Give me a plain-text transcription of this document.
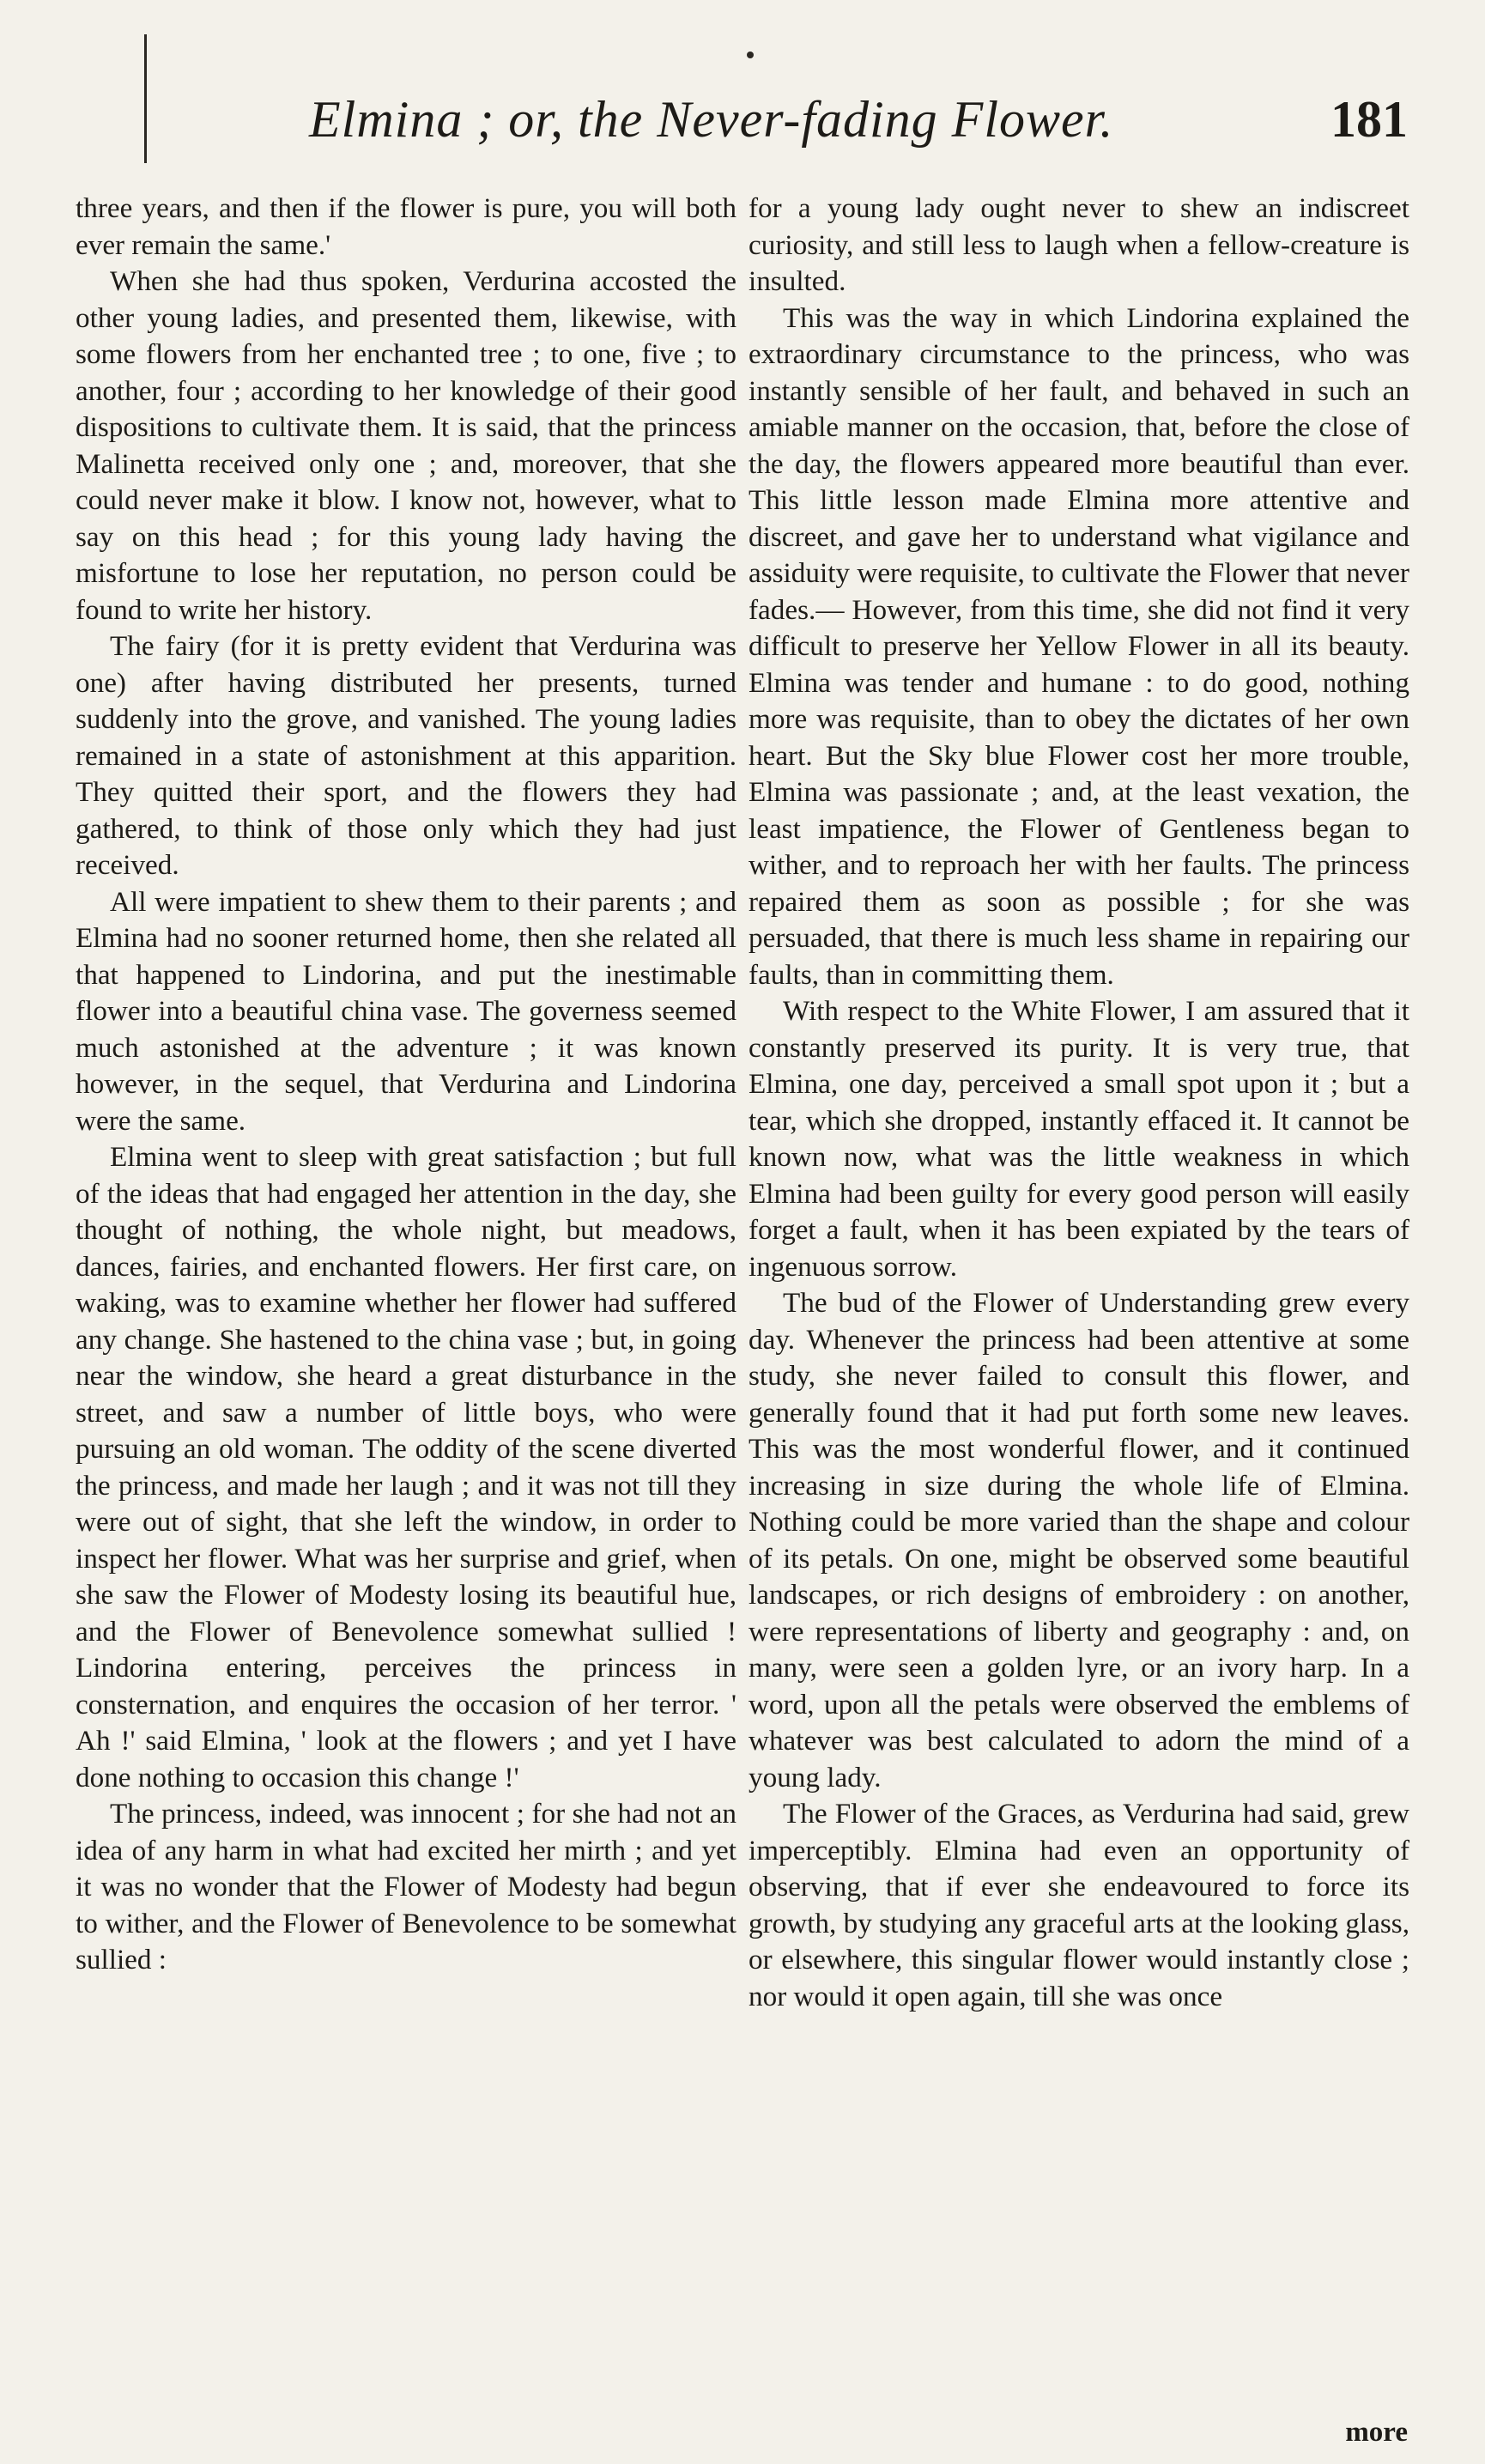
Elmina ; or, the Never-fading Flower.	181

three years, and then if the flower is pure, you will both ever remain the same.'

When she had thus spoken, Verdurina accosted the other young ladies, and presented them, likewise, with some flowers from her enchanted tree ; to one, five ; to another, four ; according to her knowledge of their good dispositions to cultivate them. It is said, that the princess Malinetta received only one ; and, moreover, that she could never make it blow. I know not, however, what to say on this head ; for this young lady having the misfortune to lose her reputation, no person could be found to write her history.

The fairy (for it is pretty evident that Verdurina was one) after having distributed her presents, turned suddenly into the grove, and vanished. The young ladies remained in a state of astonishment at this apparition. They quitted their sport, and the flowers they had gathered, to think of those only which they had just received.

All were impatient to shew them to their parents ; and Elmina had no sooner returned home, then she related all that happened to Lindorina, and put the inestimable flower into a beautiful china vase. The governess seemed much astonished at the adventure ; it was known however, in the sequel, that Verdurina and Lindorina were the same.

Elmina went to sleep with great satisfaction ; but full of the ideas that had engaged her attention in the day, she thought of nothing, the whole night, but meadows, dances, fairies, and enchanted flowers. Her first care, on waking, was to examine whether her flower had suffered any change. She hastened to the china vase ; but, in going near the window, she heard a great disturbance in the street, and saw a number of little boys, who were pursuing an old woman. The oddity of the scene diverted the princess, and made her laugh ; and it was not till they were out of sight, that she left the window, in order to inspect her flower. What was her surprise and grief, when she saw the Flower of Modesty losing its beautiful hue, and the Flower of Benevolence somewhat sullied ! Lindorina entering, perceives the princess in consternation, and enquires the occasion of her terror. ' Ah !' said Elmina, ' look at the flowers ; and yet I have done nothing to occasion this change !'

The princess, indeed, was innocent ; for she had not an idea of any harm in what had excited her mirth ; and yet it was no wonder that the Flower of Modesty had begun to wither, and the Flower of Benevolence to be somewhat sullied :

for a young lady ought never to shew an indiscreet curiosity, and still less to laugh when a fellow-creature is insulted.

This was the way in which Lindorina explained the extraordinary circumstance to the princess, who was instantly sensible of her fault, and behaved in such an amiable manner on the occasion, that, before the close of the day, the flowers appeared more beautiful than ever. This little lesson made Elmina more attentive and discreet, and gave her to understand what vigilance and assiduity were requisite, to cultivate the Flower that never fades.— However, from this time, she did not find it very difficult to preserve her Yellow Flower in all its beauty. Elmina was tender and humane : to do good, nothing more was requisite, than to obey the dictates of her own heart. But the Sky blue Flower cost her more trouble, Elmina was passionate ; and, at the least vexation, the least impatience, the Flower of Gentleness began to wither, and to reproach her with her faults. The princess repaired them as soon as possible ; for she was persuaded, that there is much less shame in repairing our faults, than in committing them.

With respect to the White Flower, I am assured that it constantly preserved its purity. It is very true, that Elmina, one day, perceived a small spot upon it ; but a tear, which she dropped, instantly effaced it. It cannot be known now, what was the little weakness in which Elmina had been guilty for every good person will easily forget a fault, when it has been expiated by the tears of ingenuous sorrow.

The bud of the Flower of Understanding grew every day. Whenever the princess had been attentive at some study, she never failed to consult this flower, and generally found that it had put forth some new leaves. This was the most wonderful flower, and it continued increasing in size during the whole life of Elmina. Nothing could be more varied than the shape and colour of its petals. On one, might be observed some beautiful landscapes, or rich designs of embroidery : on another, were representations of liberty and geography : and, on many, were seen a golden lyre, or an ivory harp. In a word, upon all the petals were observed the emblems of whatever was best calculated to adorn the mind of a young lady.

The Flower of the Graces, as Verdurina had said, grew imperceptibly. Elmina had even an opportunity of observing, that if ever she endeavoured to force its growth, by studying any graceful arts at the looking glass, or elsewhere, this singular flower would instantly close ; nor would it open again, till she was once

more
